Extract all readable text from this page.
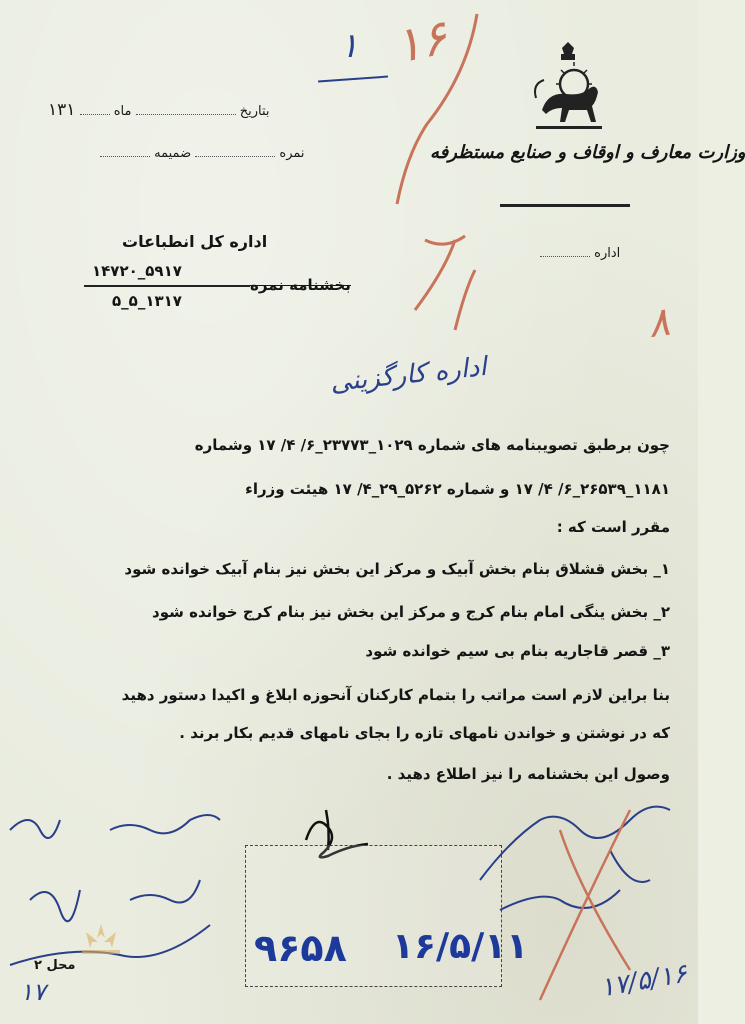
وزارت معارف و اوقاف و صنایع مستظرفه
بتاریخ  ماه  ۱۳۱
نمره  ضمیمه
اداره
اداره کل انطباعات
۵۹۱۷_۱۴۷۲۰
بخشنامه نمره
۱۳۱۷_۵_۵
۱ ۱۶
۸
اداره کارگزینی
چون برطبق تصویبنامه های شماره ۱۰۲۹_۲۳۷۷۳_۶/ ۴/ ۱۷ وشماره
۱۱۸۱_۲۶۵۳۹_۶/ ۴/ ۱۷ و شماره ۵۲۶۲_۲۹_۴/ ۱۷ هیئت وزراء
مقرر است که :
۱_ بخش قشلاق بنام بخش آبیک و مرکز این بخش نیز بنام آبیک خوانده شود
۲_ بخش ینگی امام بنام کرج و مرکز این بخش نیز بنام کرج خوانده شود
۳_ قصر قاجاریه بنام بی سیم خوانده شود
بنا براین لازم است مراتب را بتمام کارکنان آنحوزه ابلاغ و اکیدا دستور دهید
که در نوشتن و خواندن نامهای تازه را بجای نامهای قدیم بکار برند .
وصول این بخشنامه را نیز اطلاع دهید .
۹۶۵۸ ۱۶/۵/۱۱
۱۷/۵/۱۶
۱۷
محل ۲
